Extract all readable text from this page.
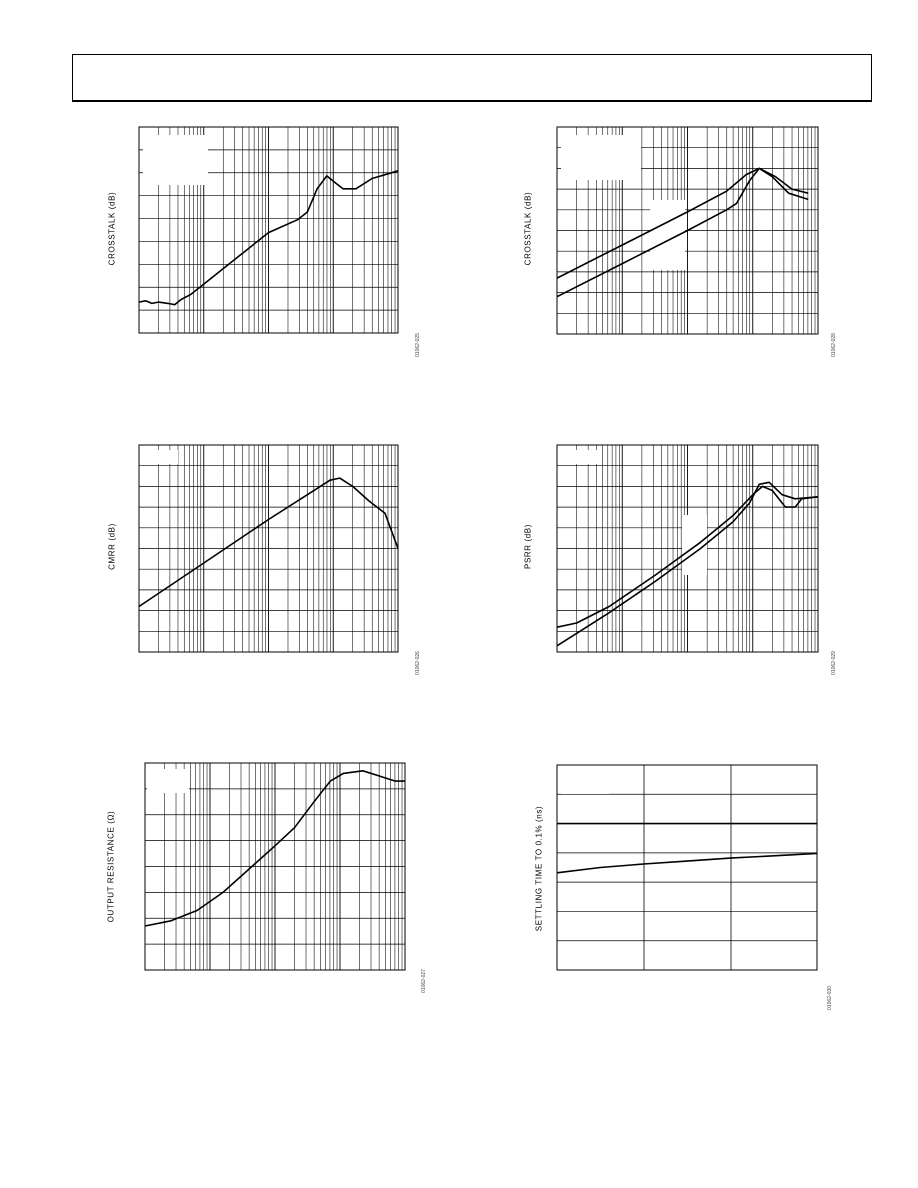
CROSSTALK (dB)
01062-025
CROSSTALK (dB)
01062-028
CMRR (dB)
01062-026
PSRR (dB)
01062-029
OUTPUT RESISTANCE (Ω)
01062-027
SETTLING TIME TO 0.1% (ns)
01062-030
